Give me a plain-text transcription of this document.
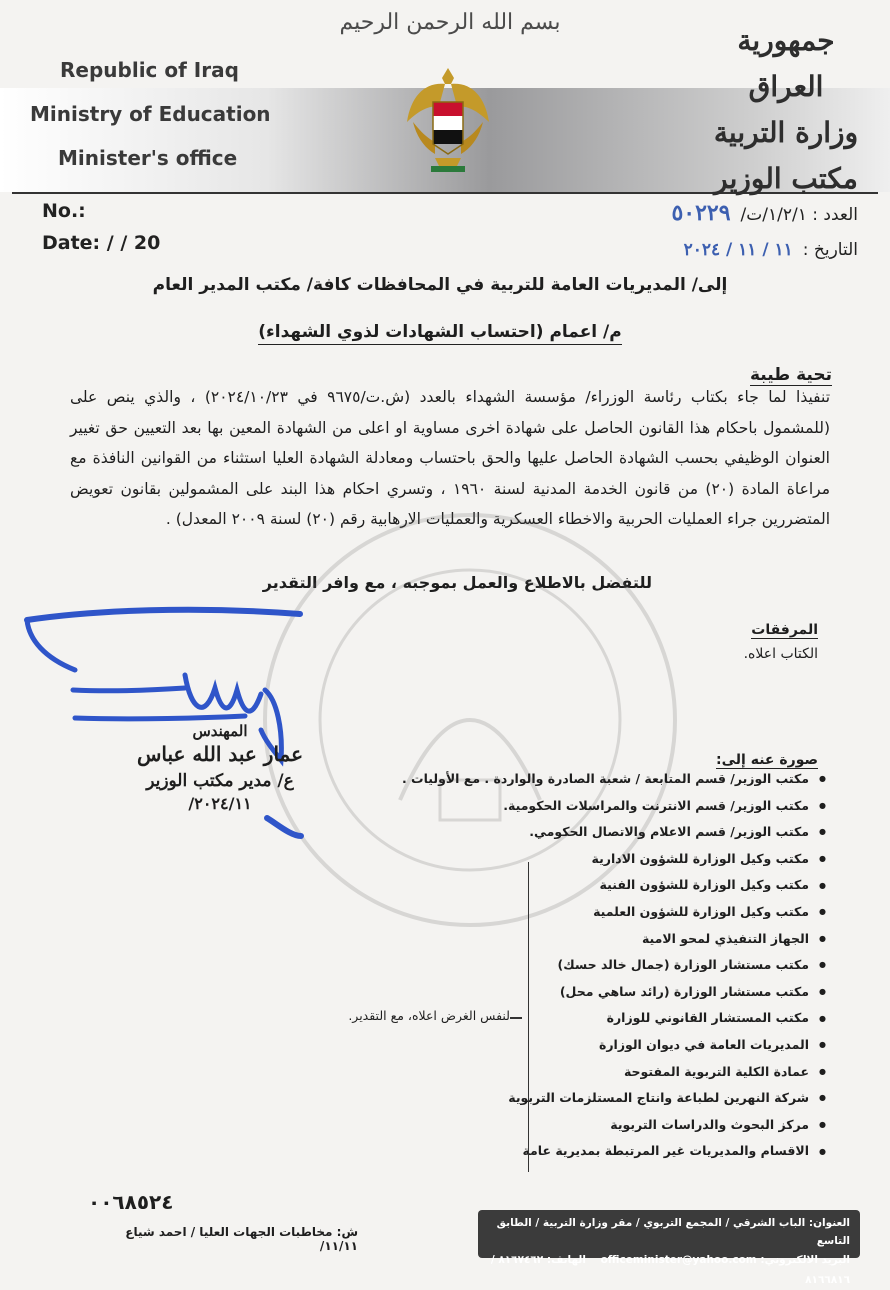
بسم الله الرحمن الرحيم
Republic of Iraq
Ministry of Education
Minister's office
جمهورية العراق
وزارة التربية
مكتب الوزير
No.:
Date: / / 20
العدد : ١/٢/١/ت/٥٠٢٢٩
التاريخ :١١ / ١١ / ٢٠٢٤
إلى/ المديريات العامة للتربية في المحافظات كافة/ مكتب المدير العام
م/ اعمام (احتساب الشهادات لذوي الشهداء)
تحية طيبة
تنفيذا لما جاء بكتاب رئاسة الوزراء/ مؤسسة الشهداء بالعدد (ش.ت/٩٦٧٥ في ٢٠٢٤/١٠/٢٣) ، والذي ينص على (للمشمول باحكام هذا القانون الحاصل على شهادة اخرى مساوية او اعلى من الشهادة المعين بها بعد التعيين حق تغيير العنوان الوظيفي بحسب الشهادة الحاصل عليها والحق باحتساب ومعادلة الشهادة العليا استثناء من القوانين النافذة مع مراعاة المادة (٢٠) من قانون الخدمة المدنية لسنة ١٩٦٠ ، وتسري احكام هذا البند على المشمولين بقانون تعويض المتضررين جراء العمليات الحربية والاخطاء العسكرية والعمليات الارهابية رقم (٢٠) لسنة ٢٠٠٩ المعدل) .
للتفضل بالاطلاع والعمل بموجبه ، مع وافر التقدير
المرفقات
الكتاب اعلاه.
المهندس
عمار عبد الله عباس
ع/ مدير مكتب الوزير
٢٠٢٤/١١/
صورة عنه إلى:
● مكتب الوزير/ قسم المتابعة / شعبة الصادرة والواردة . مع الأوليات .
● مكتب الوزير/ قسم الانترنت والمراسلات الحكومية.
● مكتب الوزير/ قسم الاعلام والاتصال الحكومي.
● مكتب وكيل الوزارة للشؤون الادارية
● مكتب وكيل الوزارة للشؤون الفنية
● مكتب وكيل الوزارة للشؤون العلمية
● الجهاز التنفيذي لمحو الامية
● مكتب مستشار الوزارة (جمال خالد حسك)
● مكتب مستشار الوزارة (رائد ساهي محل)
● مكتب المستشار القانوني للوزارة
● المديريات العامة في ديوان الوزارة
● عمادة الكلية التربوية المفتوحة
● شركة النهرين لطباعة وانتاج المستلزمات التربوية
● مركز البحوث والدراسات التربوية
● الاقسام والمديريات غير المرتبطة بمديرية عامة
لنفس الغرض اعلاه، مع التقدير.
٠٠٦٨٥٢٤
ش: مخاطبات الجهات العليا / احمد شياع ١١/١١/
العنوان: الباب الشرقي / المجمع التربوي / مقر وزارة التربية / الطابق التاسع
البريد الالكتروني: officeminister@yahoo.com    الهاتف: ٨١٦٧٤٦٢ / ٨١٦٦٨١٦
